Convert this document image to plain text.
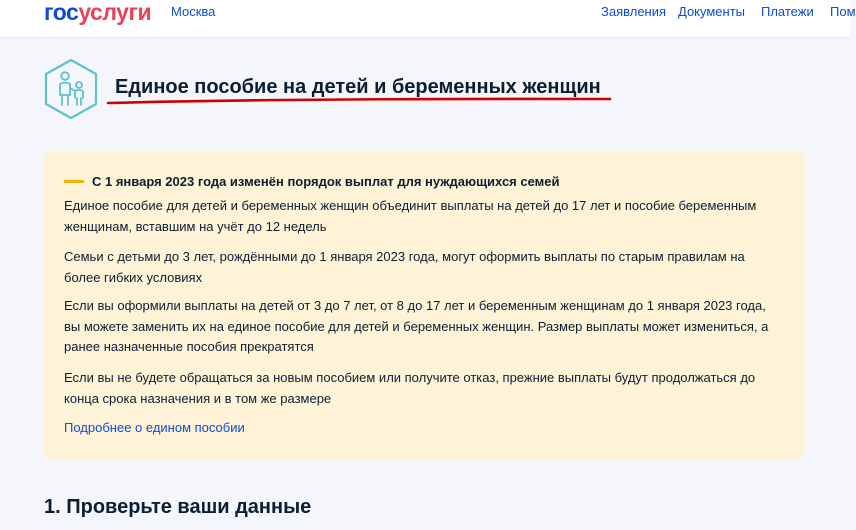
госуслуги Москва	Заявления Документы Платежи Пом
Единое пособие на детей и беременных женщин
С 1 января 2023 года изменён порядок выплат для нуждающихся семей
Единое пособие для детей и беременных женщин объединит выплаты на детей до 17 лет и пособие беременным женщинам, вставшим на учёт до 12 недель
Семьи с детьми до 3 лет, рождёнными до 1 января 2023 года, могут оформить выплаты по старым правилам на более гибких условиях
Если вы оформили выплаты на детей от 3 до 7 лет, от 8 до 17 лет и беременным женщинам до 1 января 2023 года, вы можете заменить их на единое пособие для детей и беременных женщин. Размер выплаты может измениться, а ранее назначенные пособия прекратятся
Если вы не будете обращаться за новым пособием или получите отказ, прежние выплаты будут продолжаться до конца срока назначения и в том же размере
Подробнее о едином пособии
1. Проверьте ваши данные
